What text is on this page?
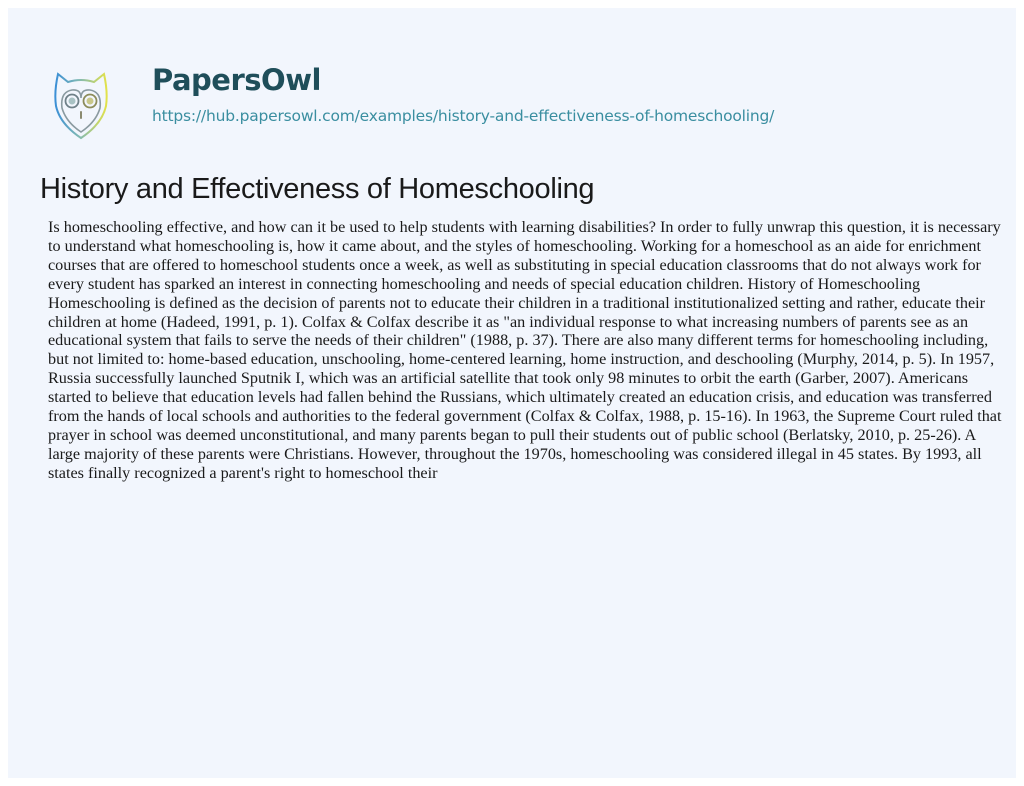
PapersOwl
https://hub.papersowl.com/examples/history-and-effectiveness-of-homeschooling/
History and Effectiveness of Homeschooling

Is homeschooling effective, and how can it be used to help students with learning disabilities? In order to fully unwrap this question, it is necessary to understand what homeschooling is, how it came about, and the styles of homeschooling. Working for a homeschool as an aide for enrichment courses that are offered to homeschool students once a week, as well as substituting in special education classrooms that do not always work for every student has sparked an interest in connecting homeschooling and needs of special education children. History of Homeschooling Homeschooling is defined as the decision of parents not to educate their children in a traditional institutionalized setting and rather, educate their children at home (Hadeed, 1991, p. 1). Colfax & Colfax describe it as "an individual response to what increasing numbers of parents see as an educational system that fails to serve the needs of their children" (1988, p. 37). There are also many different terms for homeschooling including, but not limited to: home-based education, unschooling, home-centered learning, home instruction, and deschooling (Murphy, 2014, p. 5). In 1957, Russia successfully launched Sputnik I, which was an artificial satellite that took only 98 minutes to orbit the earth (Garber, 2007). Americans started to believe that education levels had fallen behind the Russians, which ultimately created an education crisis, and education was transferred from the hands of local schools and authorities to the federal government (Colfax & Colfax, 1988, p. 15-16). In 1963, the Supreme Court ruled that prayer in school was deemed unconstitutional, and many parents began to pull their students out of public school (Berlatsky, 2010, p. 25-26). A large majority of these parents were Christians. However, throughout the 1970s, homeschooling was considered illegal in 45 states. By 1993, all states finally recognized a parent's right to homeschool their
